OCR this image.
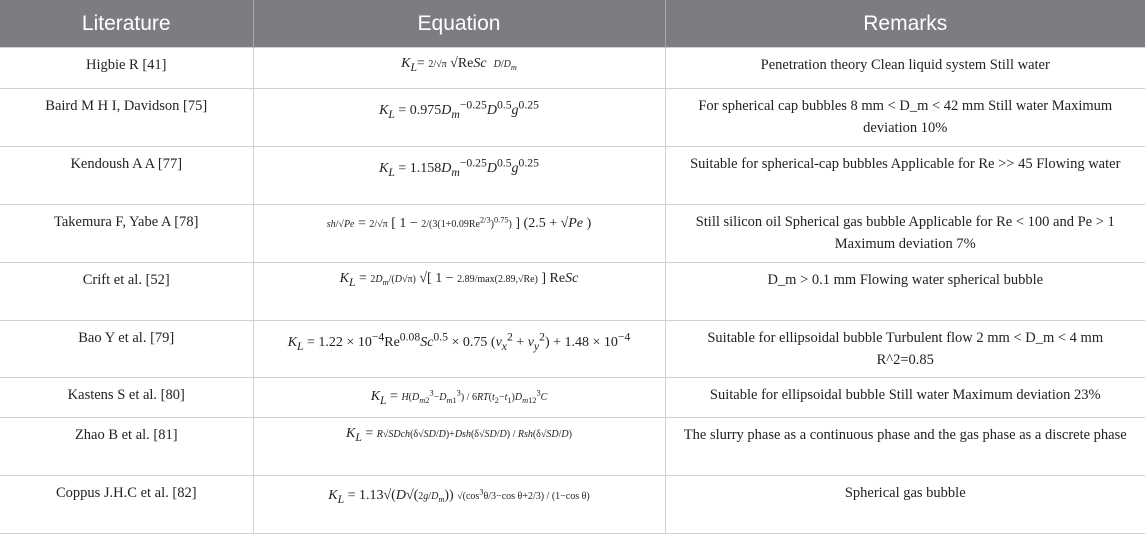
Literature	Equation	Remarks
Higbie R [41]	$K_L= 2/√\pi$ √ReSc $D/D_m$	Penetration theory Clean liquid system Still water
Baird M H I, Davidson [75]	$K_L = 0.975D_m^{-0.25}D^{0.5}g^{0.25}$	For spherical cap bubbles 8 mm < D_m < 42 mm Still water Maximum deviation 10%
Kendoush A A [77]	$K_L = 1.158D_m^{-0.25}D^{0.5}g^{0.25}$	Suitable for spherical-cap bubbles Applicable for Re >> 45 Flowing water
Takemura F, Yabe A [78]	sh/√Pe = 2/√π [ $1 - 2/(3(1+0.09Re^{2/3})^{0.75})$ ] (2.5 + √Pe )	Still silicon oil Spherical gas bubble Applicable for Re < 100 and Pe > 1 Maximum deviation 7%
Crift et al. [52]	$K_L = 2D_m/(D√\pi)$ √[ 1 − 2.89/max(2.89,√Re) ] ReSc	D_m > 0.1 mm Flowing water spherical bubble
Bao Y et al. [79]	$K_L = 1.22 \times 10^{-4}Re^{0.08}Sc^{0.5} \times 0.75$ $(v_x^2 + v_y^2) + 1.48 \times 10^{-4}$	Suitable for ellipsoidal bubble Turbulent flow 2 mm < D_m < 4 mm R^2=0.85
Kastens S et al. [80]	$K_L = H(D_{m2}^3-D_{m1}^3) / 6RT(t_2-t_1)D_{m12}^3C$	Suitable for ellipsoidal bubble Still water Maximum deviation 23%
Zhao B et al. [81]	$K_L$ = R√SDch(δ√SD/D)+Dsh(δ√SD/D) / Rsh(δ√SD/D)	The slurry phase as a continuous phase and the gas phase as a discrete phase
Coppus J.H.C et al. [82]	$K_L = 1.13√(D√(2g/D_m))$ $√(\cos^3\theta/3-\cos$ θ+2/3) / (1−cos θ)	Spherical gas bubble
